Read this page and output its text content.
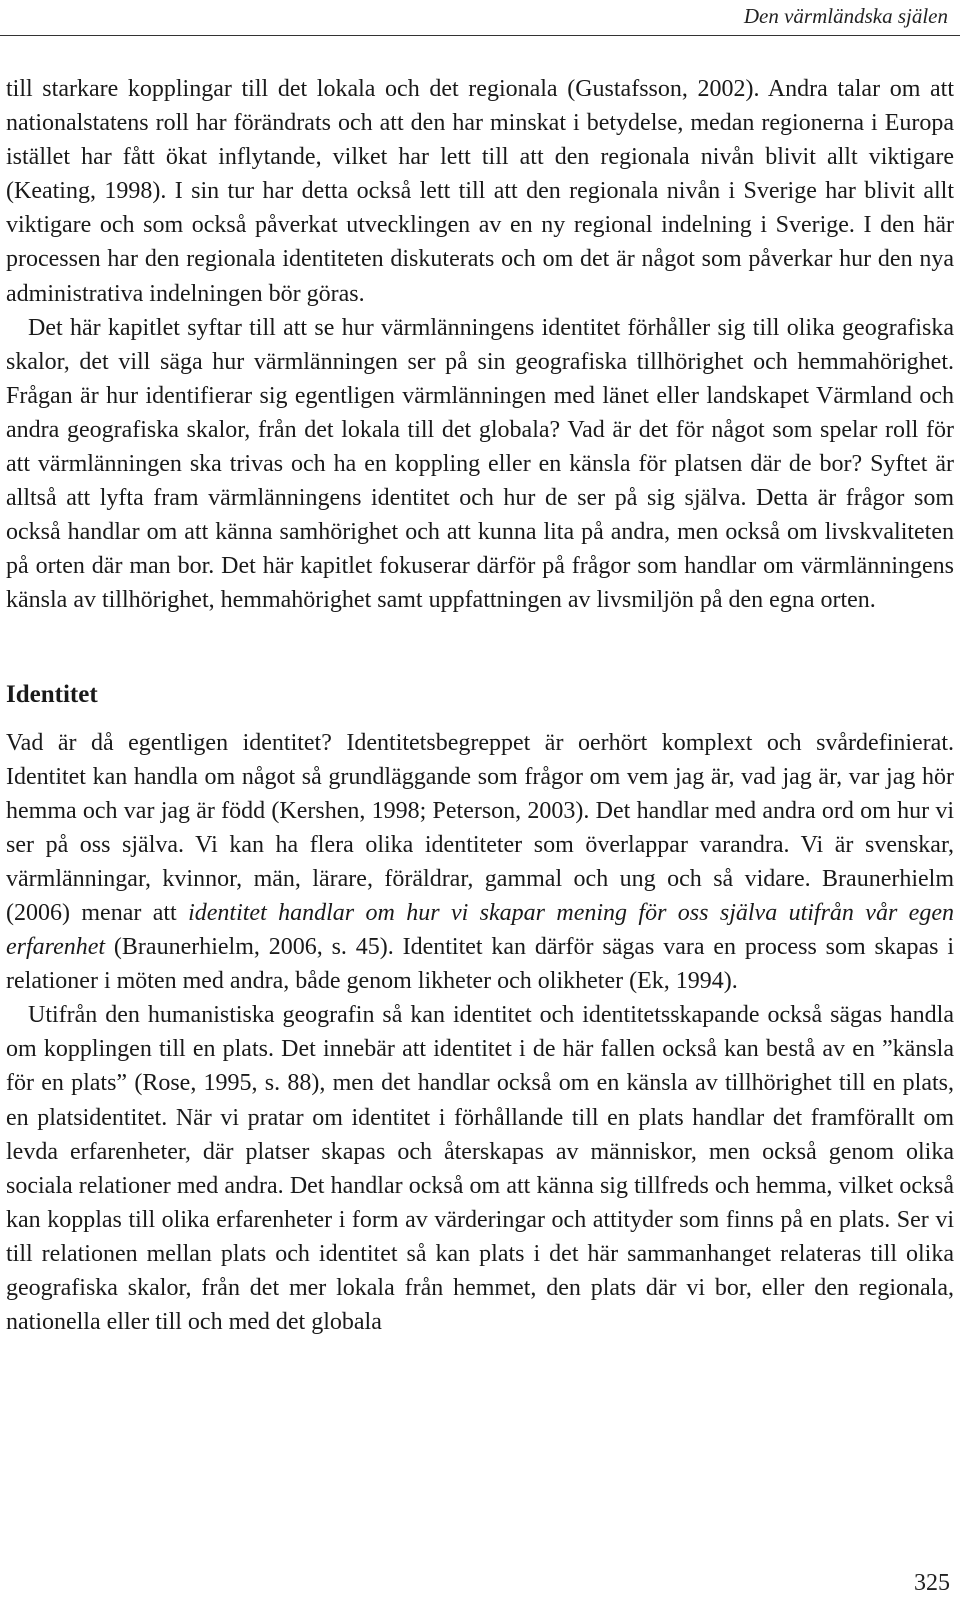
Den värmländska själen

till starkare kopplingar till det lokala och det regionala (Gustafsson, 2002). Andra talar om att nationalstatens roll har förändrats och att den har minskat i betydelse, medan regionerna i Europa istället har fått ökat inflytande, vilket har lett till att den regionala nivån blivit allt viktigare (Keating, 1998). I sin tur har detta också lett till att den regionala nivån i Sverige har blivit allt viktigare och som också påverkat utvecklingen av en ny regional indelning i Sverige. I den här processen har den regionala identiteten diskuterats och om det är något som påverkar hur den nya administrativa indelningen bör göras.

Det här kapitlet syftar till att se hur värmlänningens identitet förhåller sig till olika geografiska skalor, det vill säga hur värmlänningen ser på sin geografiska tillhörighet och hemmahörighet. Frågan är hur identifierar sig egentligen värmlänningen med länet eller landskapet Värmland och andra geografiska skalor, från det lokala till det globala? Vad är det för något som spelar roll för att värmlänningen ska trivas och ha en koppling eller en känsla för platsen där de bor? Syftet är alltså att lyfta fram värmlänningens identitet och hur de ser på sig själva. Detta är frågor som också handlar om att känna samhörighet och att kunna lita på andra, men också om livskvaliteten på orten där man bor. Det här kapitlet fokuserar därför på frågor som handlar om värmlänningens känsla av tillhörighet, hemmahörighet samt uppfattningen av livsmiljön på den egna orten.

Identitet

Vad är då egentligen identitet? Identitetsbegreppet är oerhört komplext och svårdefinierat. Identitet kan handla om något så grundläggande som frågor om vem jag är, vad jag är, var jag hör hemma och var jag är född (Kershen, 1998; Peterson, 2003). Det handlar med andra ord om hur vi ser på oss själva. Vi kan ha flera olika identiteter som överlappar varandra. Vi är svenskar, värmlänningar, kvinnor, män, lärare, föräldrar, gammal och ung och så vidare. Braunerhielm (2006) menar att identitet handlar om hur vi skapar mening för oss själva utifrån vår egen erfarenhet (Braunerhielm, 2006, s. 45). Identitet kan därför sägas vara en process som skapas i relationer i möten med andra, både genom likheter och olikheter (Ek, 1994).

Utifrån den humanistiska geografin så kan identitet och identitetsskapande också sägas handla om kopplingen till en plats. Det innebär att identitet i de här fallen också kan bestå av en ”känsla för en plats” (Rose, 1995, s. 88), men det handlar också om en känsla av tillhörighet till en plats, en platsidentitet. När vi pratar om identitet i förhållande till en plats handlar det framförallt om levda erfarenheter, där platser skapas och återskapas av människor, men också genom olika sociala relationer med andra. Det handlar också om att känna sig tillfreds och hemma, vilket också kan kopplas till olika erfarenheter i form av värderingar och attityder som finns på en plats. Ser vi till relationen mellan plats och identitet så kan plats i det här sammanhanget relateras till olika geografiska skalor, från det mer lokala från hemmet, den plats där vi bor, eller den regionala, nationella eller till och med det globala

325
